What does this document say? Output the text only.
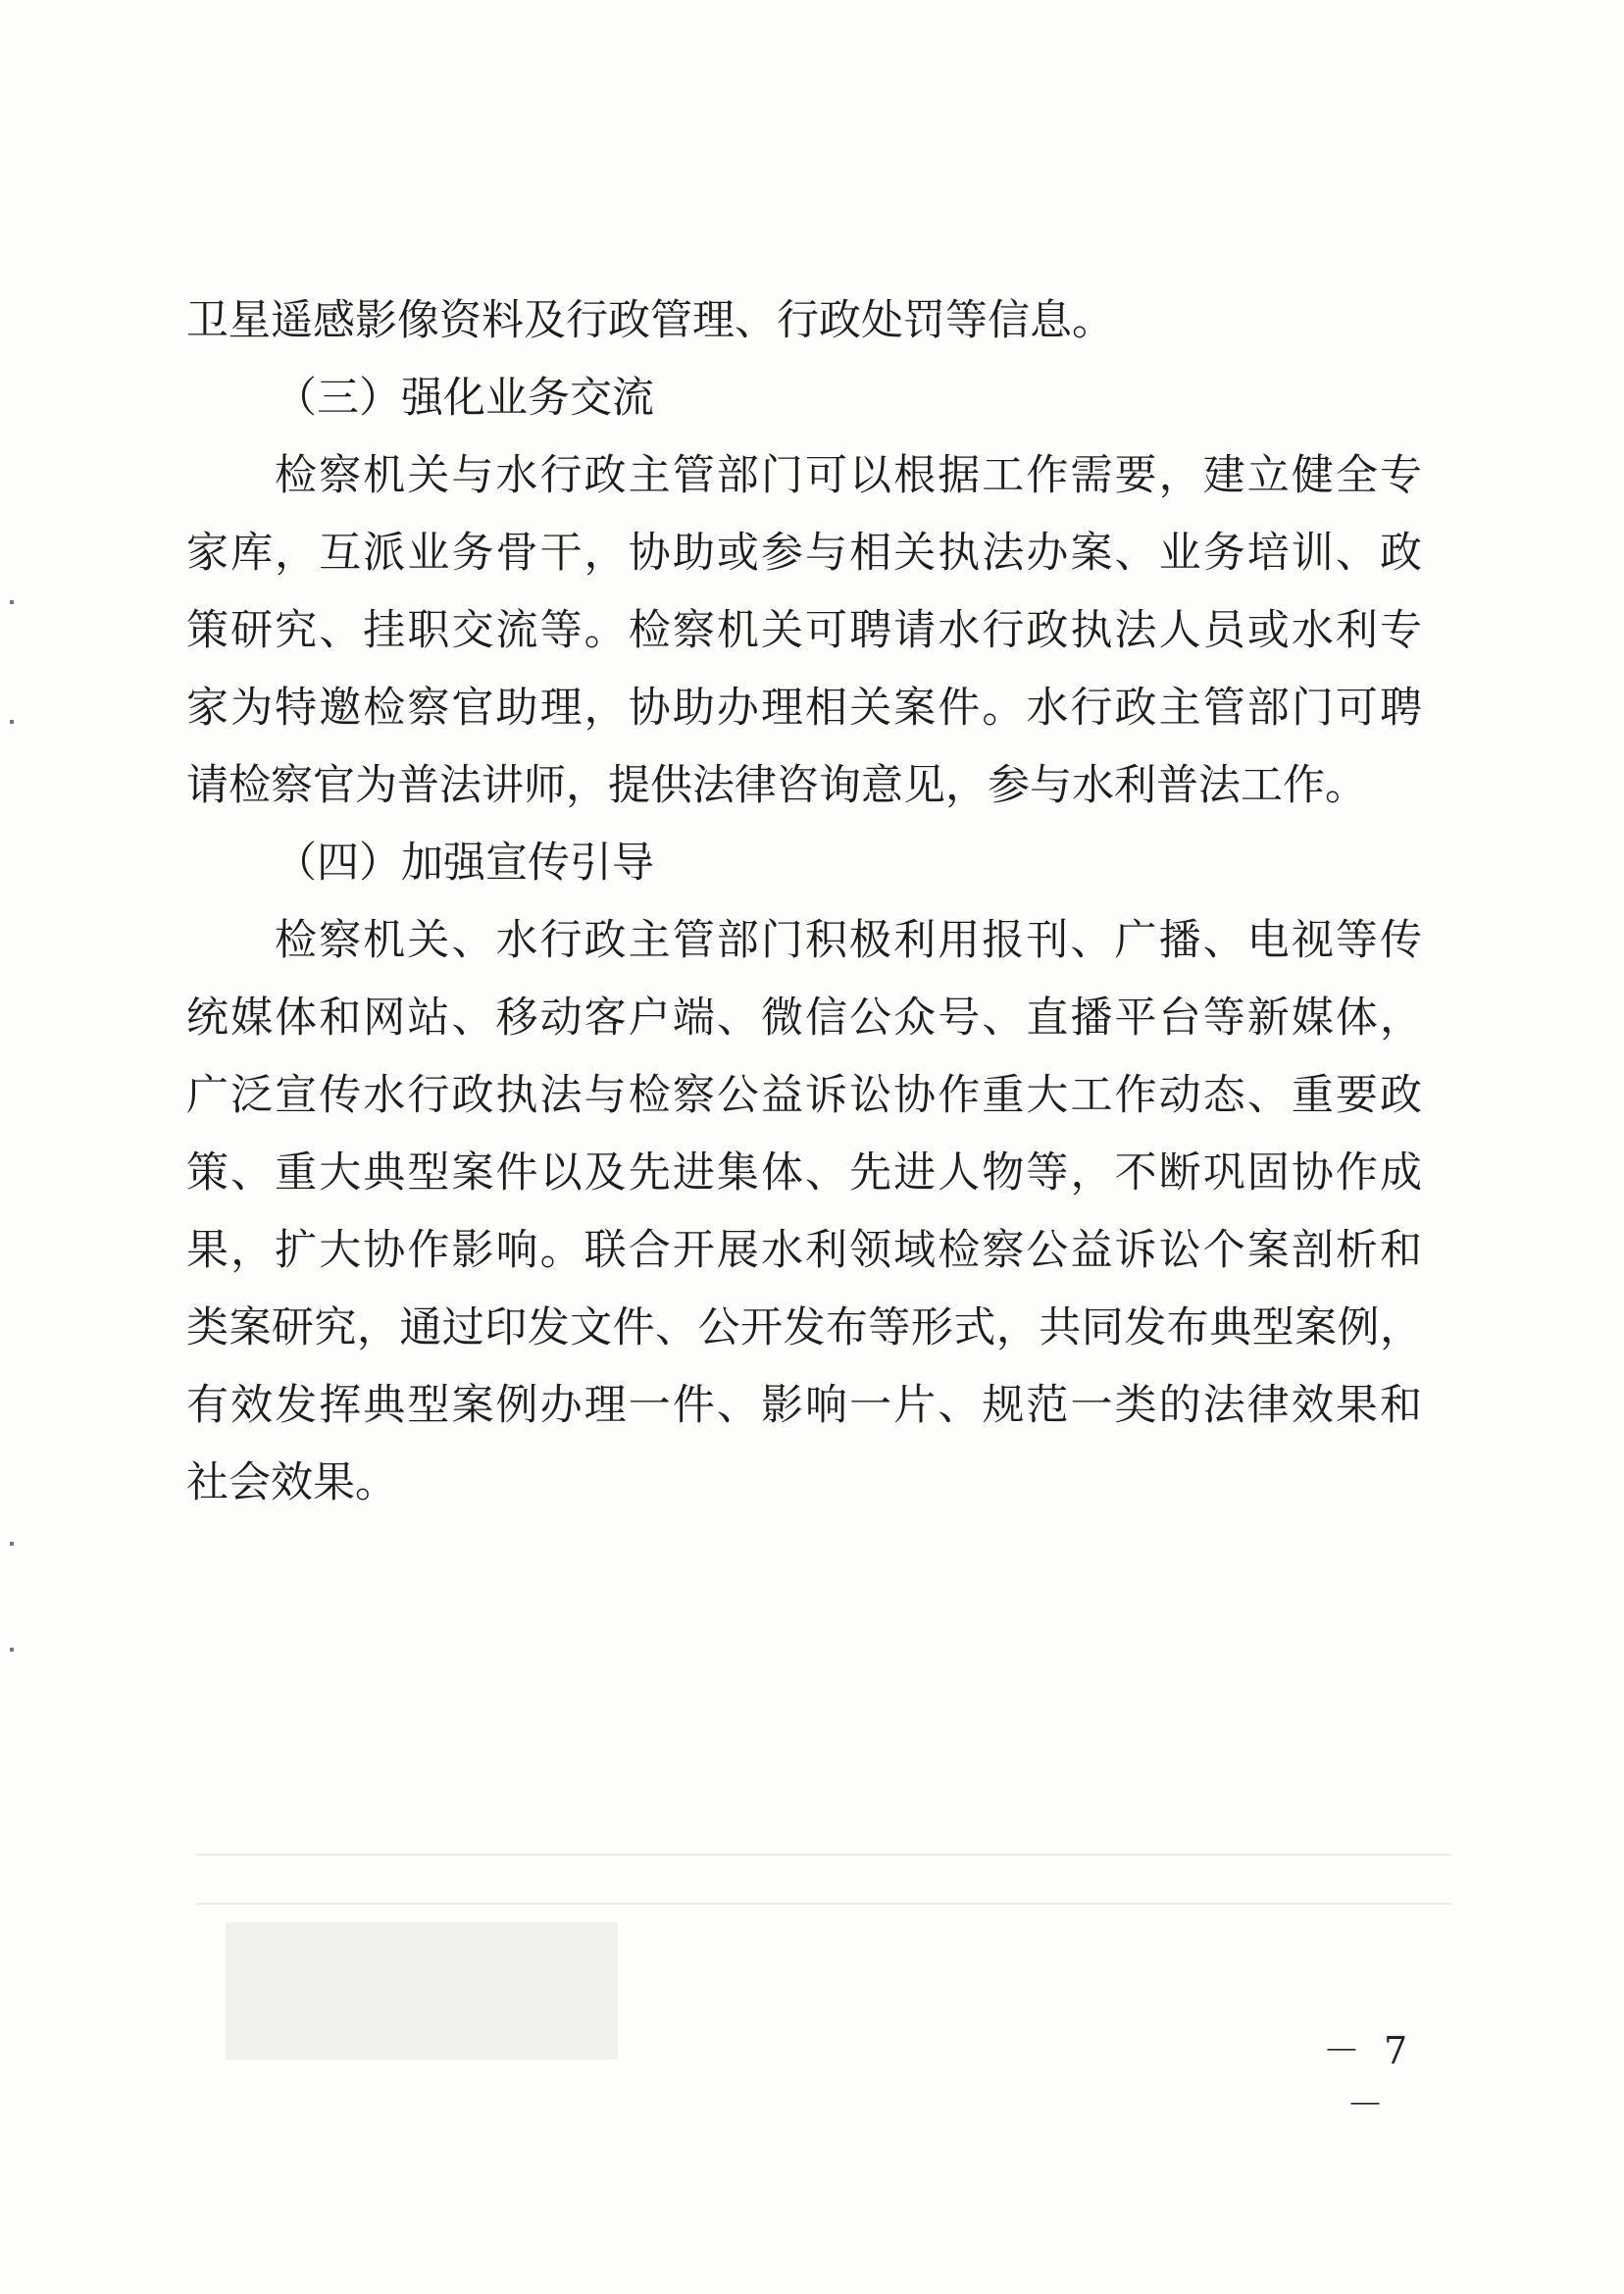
卫星遥感影像资料及行政管理、行政处罚等信息。
（三）强化业务交流
检察机关与水行政主管部门可以根据工作需要，建立健全专
家库，互派业务骨干，协助或参与相关执法办案、业务培训、政
策研究、挂职交流等。检察机关可聘请水行政执法人员或水利专
家为特邀检察官助理，协助办理相关案件。水行政主管部门可聘
请检察官为普法讲师，提供法律咨询意见，参与水利普法工作。
（四）加强宣传引导
检察机关、水行政主管部门积极利用报刊、广播、电视等传
统媒体和网站、移动客户端、微信公众号、直播平台等新媒体，
广泛宣传水行政执法与检察公益诉讼协作重大工作动态、重要政
策、重大典型案件以及先进集体、先进人物等，不断巩固协作成
果，扩大协作影响。联合开展水利领域检察公益诉讼个案剖析和
类案研究，通过印发文件、公开发布等形式，共同发布典型案例，
有效发挥典型案例办理一件、影响一片、规范一类的法律效果和
社会效果。
－ 7 －
